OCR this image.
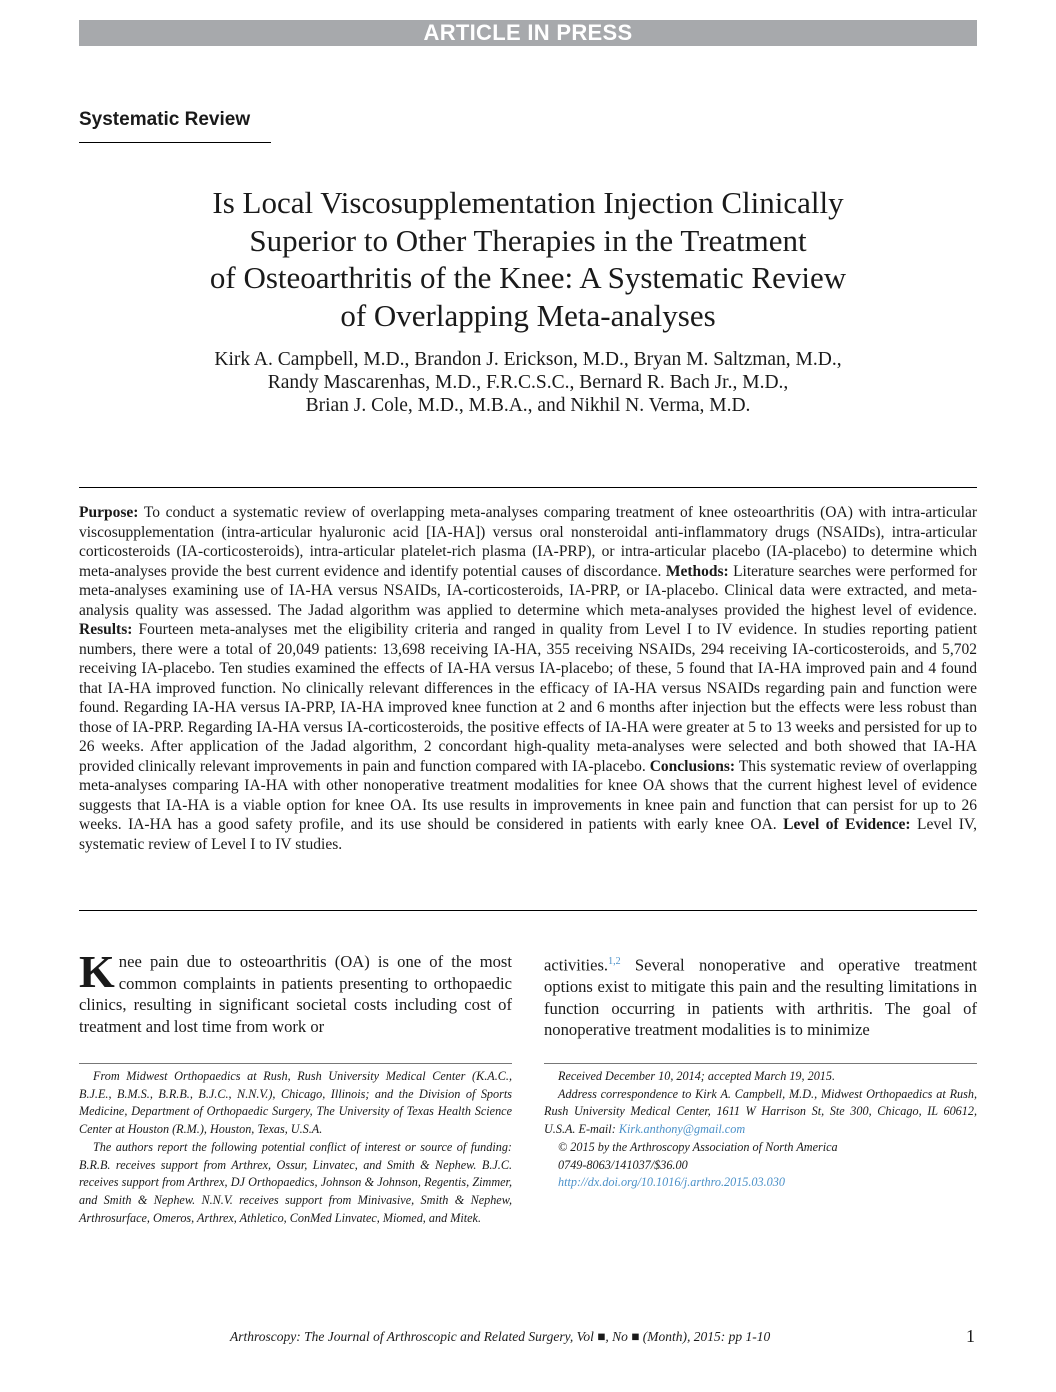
ARTICLE IN PRESS
Systematic Review
Is Local Viscosupplementation Injection Clinically
Superior to Other Therapies in the Treatment
of Osteoarthritis of the Knee: A Systematic Review
of Overlapping Meta-analyses
Kirk A. Campbell, M.D., Brandon J. Erickson, M.D., Bryan M. Saltzman, M.D.,
Randy Mascarenhas, M.D., F.R.C.S.C., Bernard R. Bach Jr., M.D.,
Brian J. Cole, M.D., M.B.A., and Nikhil N. Verma, M.D.

Purpose: To conduct a systematic review of overlapping meta-analyses comparing treatment of knee osteoarthritis (OA) with intra-articular viscosupplementation (intra-articular hyaluronic acid [IA-HA]) versus oral nonsteroidal anti-inflammatory drugs (NSAIDs), intra-articular corticosteroids (IA-corticosteroids), intra-articular platelet-rich plasma (IA-PRP), or intra-articular placebo (IA-placebo) to determine which meta-analyses provide the best current evidence and identify potential causes of discordance. Methods: Literature searches were performed for meta-analyses examining use of IA-HA versus NSAIDs, IA-corticosteroids, IA-PRP, or IA-placebo. Clinical data were extracted, and meta-analysis quality was assessed. The Jadad algorithm was applied to determine which meta-analyses provided the highest level of evidence. Results: Fourteen meta-analyses met the eligibility criteria and ranged in quality from Level I to IV evidence. In studies reporting patient numbers, there were a total of 20,049 patients: 13,698 receiving IA-HA, 355 receiving NSAIDs, 294 receiving IA-corticosteroids, and 5,702 receiving IA-placebo. Ten studies examined the effects of IA-HA versus IA-placebo; of these, 5 found that IA-HA improved pain and 4 found that IA-HA improved function. No clinically relevant differences in the efficacy of IA-HA versus NSAIDs regarding pain and function were found. Regarding IA-HA versus IA-PRP, IA-HA improved knee function at 2 and 6 months after injection but the effects were less robust than those of IA-PRP. Regarding IA-HA versus IA-corticosteroids, the positive effects of IA-HA were greater at 5 to 13 weeks and persisted for up to 26 weeks. After application of the Jadad algorithm, 2 concordant high-quality meta-analyses were selected and both showed that IA-HA provided clinically relevant improvements in pain and function compared with IA-placebo. Conclusions: This systematic review of overlapping meta-analyses comparing IA-HA with other nonoperative treatment modalities for knee OA shows that the current highest level of evidence suggests that IA-HA is a viable option for knee OA. Its use results in improvements in knee pain and function that can persist for up to 26 weeks. IA-HA has a good safety profile, and its use should be considered in patients with early knee OA. Level of Evidence: Level IV, systematic review of Level I to IV studies.

Knee pain due to osteoarthritis (OA) is one of the most common complaints in patients presenting to orthopaedic clinics, resulting in significant societal costs including cost of treatment and lost time from work or
activities.$^{1,2}$ Several nonoperative and operative treatment options exist to mitigate this pain and the resulting limitations in function occurring in patients with arthritis. The goal of nonoperative treatment modalities is to minimize

From Midwest Orthopaedics at Rush, Rush University Medical Center (K.A.C., B.J.E., B.M.S., B.R.B., B.J.C., N.N.V.), Chicago, Illinois; and the Division of Sports Medicine, Department of Orthopaedic Surgery, The University of Texas Health Science Center at Houston (R.M.), Houston, Texas, U.S.A.

The authors report the following potential conflict of interest or source of funding: B.R.B. receives support from Arthrex, Ossur, Linvatec, and Smith & Nephew. B.J.C. receives support from Arthrex, DJ Orthopaedics, Johnson & Johnson, Regentis, Zimmer, and Smith & Nephew. N.N.V. receives support from Minivasive, Smith & Nephew, Arthrosurface, Omeros, Arthrex, Athletico, ConMed Linvatec, Miomed, and Mitek.

Received December 10, 2014; accepted March 19, 2015.

Address correspondence to Kirk A. Campbell, M.D., Midwest Orthopaedics at Rush, Rush University Medical Center, 1611 W Harrison St, Ste 300, Chicago, IL 60612, U.S.A. E-mail: Kirk.anthony@gmail.com

© 2015 by the Arthroscopy Association of North America

0749-8063/141037/$36.00

http://dx.doi.org/10.1016/j.arthro.2015.03.030

Arthroscopy: The Journal of Arthroscopic and Related Surgery, Vol ■, No ■ (Month), 2015: pp 1-10	1
